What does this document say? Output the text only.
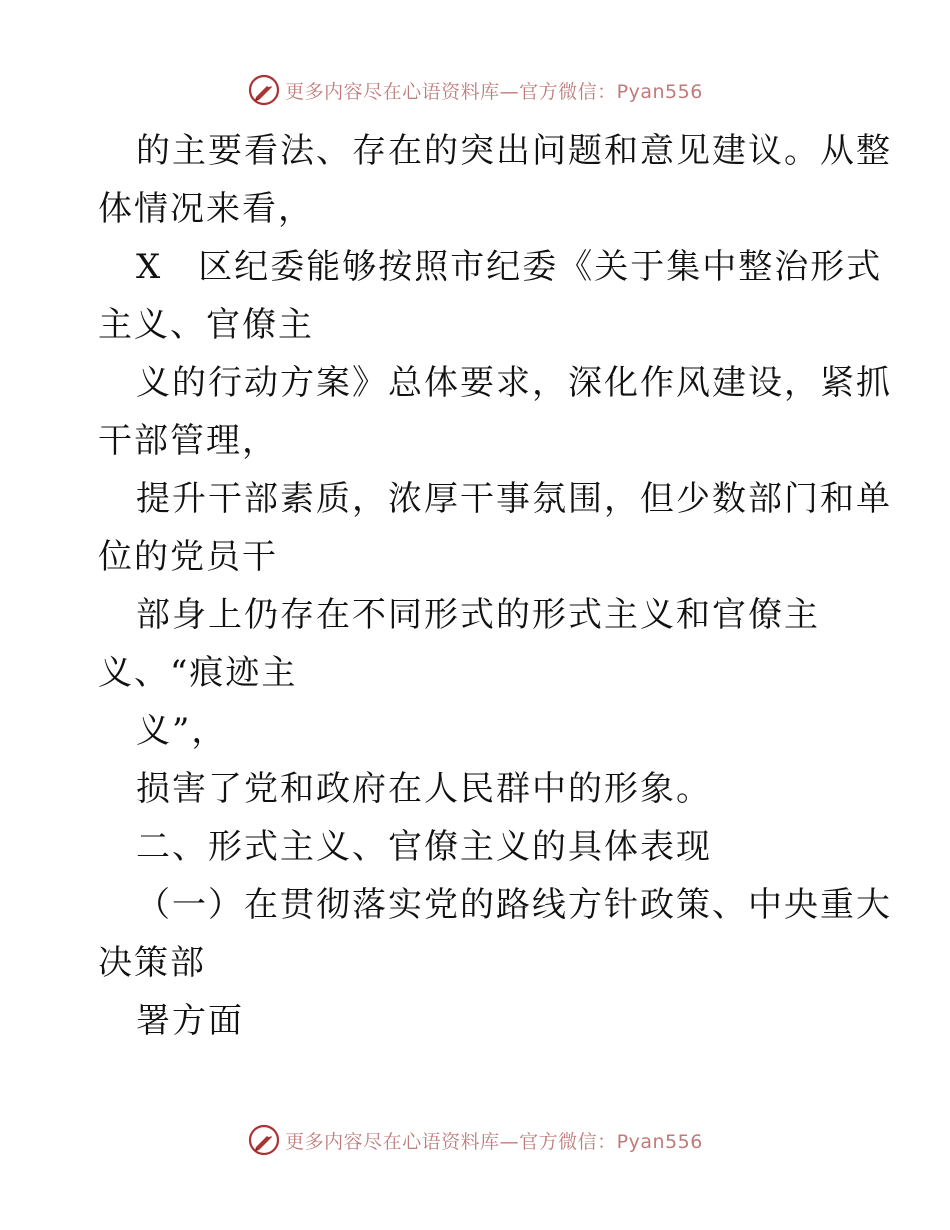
更多内容尽在心语资料库—官方微信：Pyan556
的主要看法、存在的突出问题和意见建议。从整
体情况来看，
X　区纪委能够按照市纪委《关于集中整治形式
主义、官僚主
义的行动方案》总体要求，深化作风建设，紧抓
干部管理，
提升干部素质，浓厚干事氛围，但少数部门和单
位的党员干
部身上仍存在不同形式的形式主义和官僚主
义、“痕迹主
义”，
损害了党和政府在人民群中的形象。
二、形式主义、官僚主义的具体表现
（一）在贯彻落实党的路线方针政策、中央重大
决策部
署方面
更多内容尽在心语资料库—官方微信：Pyan556
